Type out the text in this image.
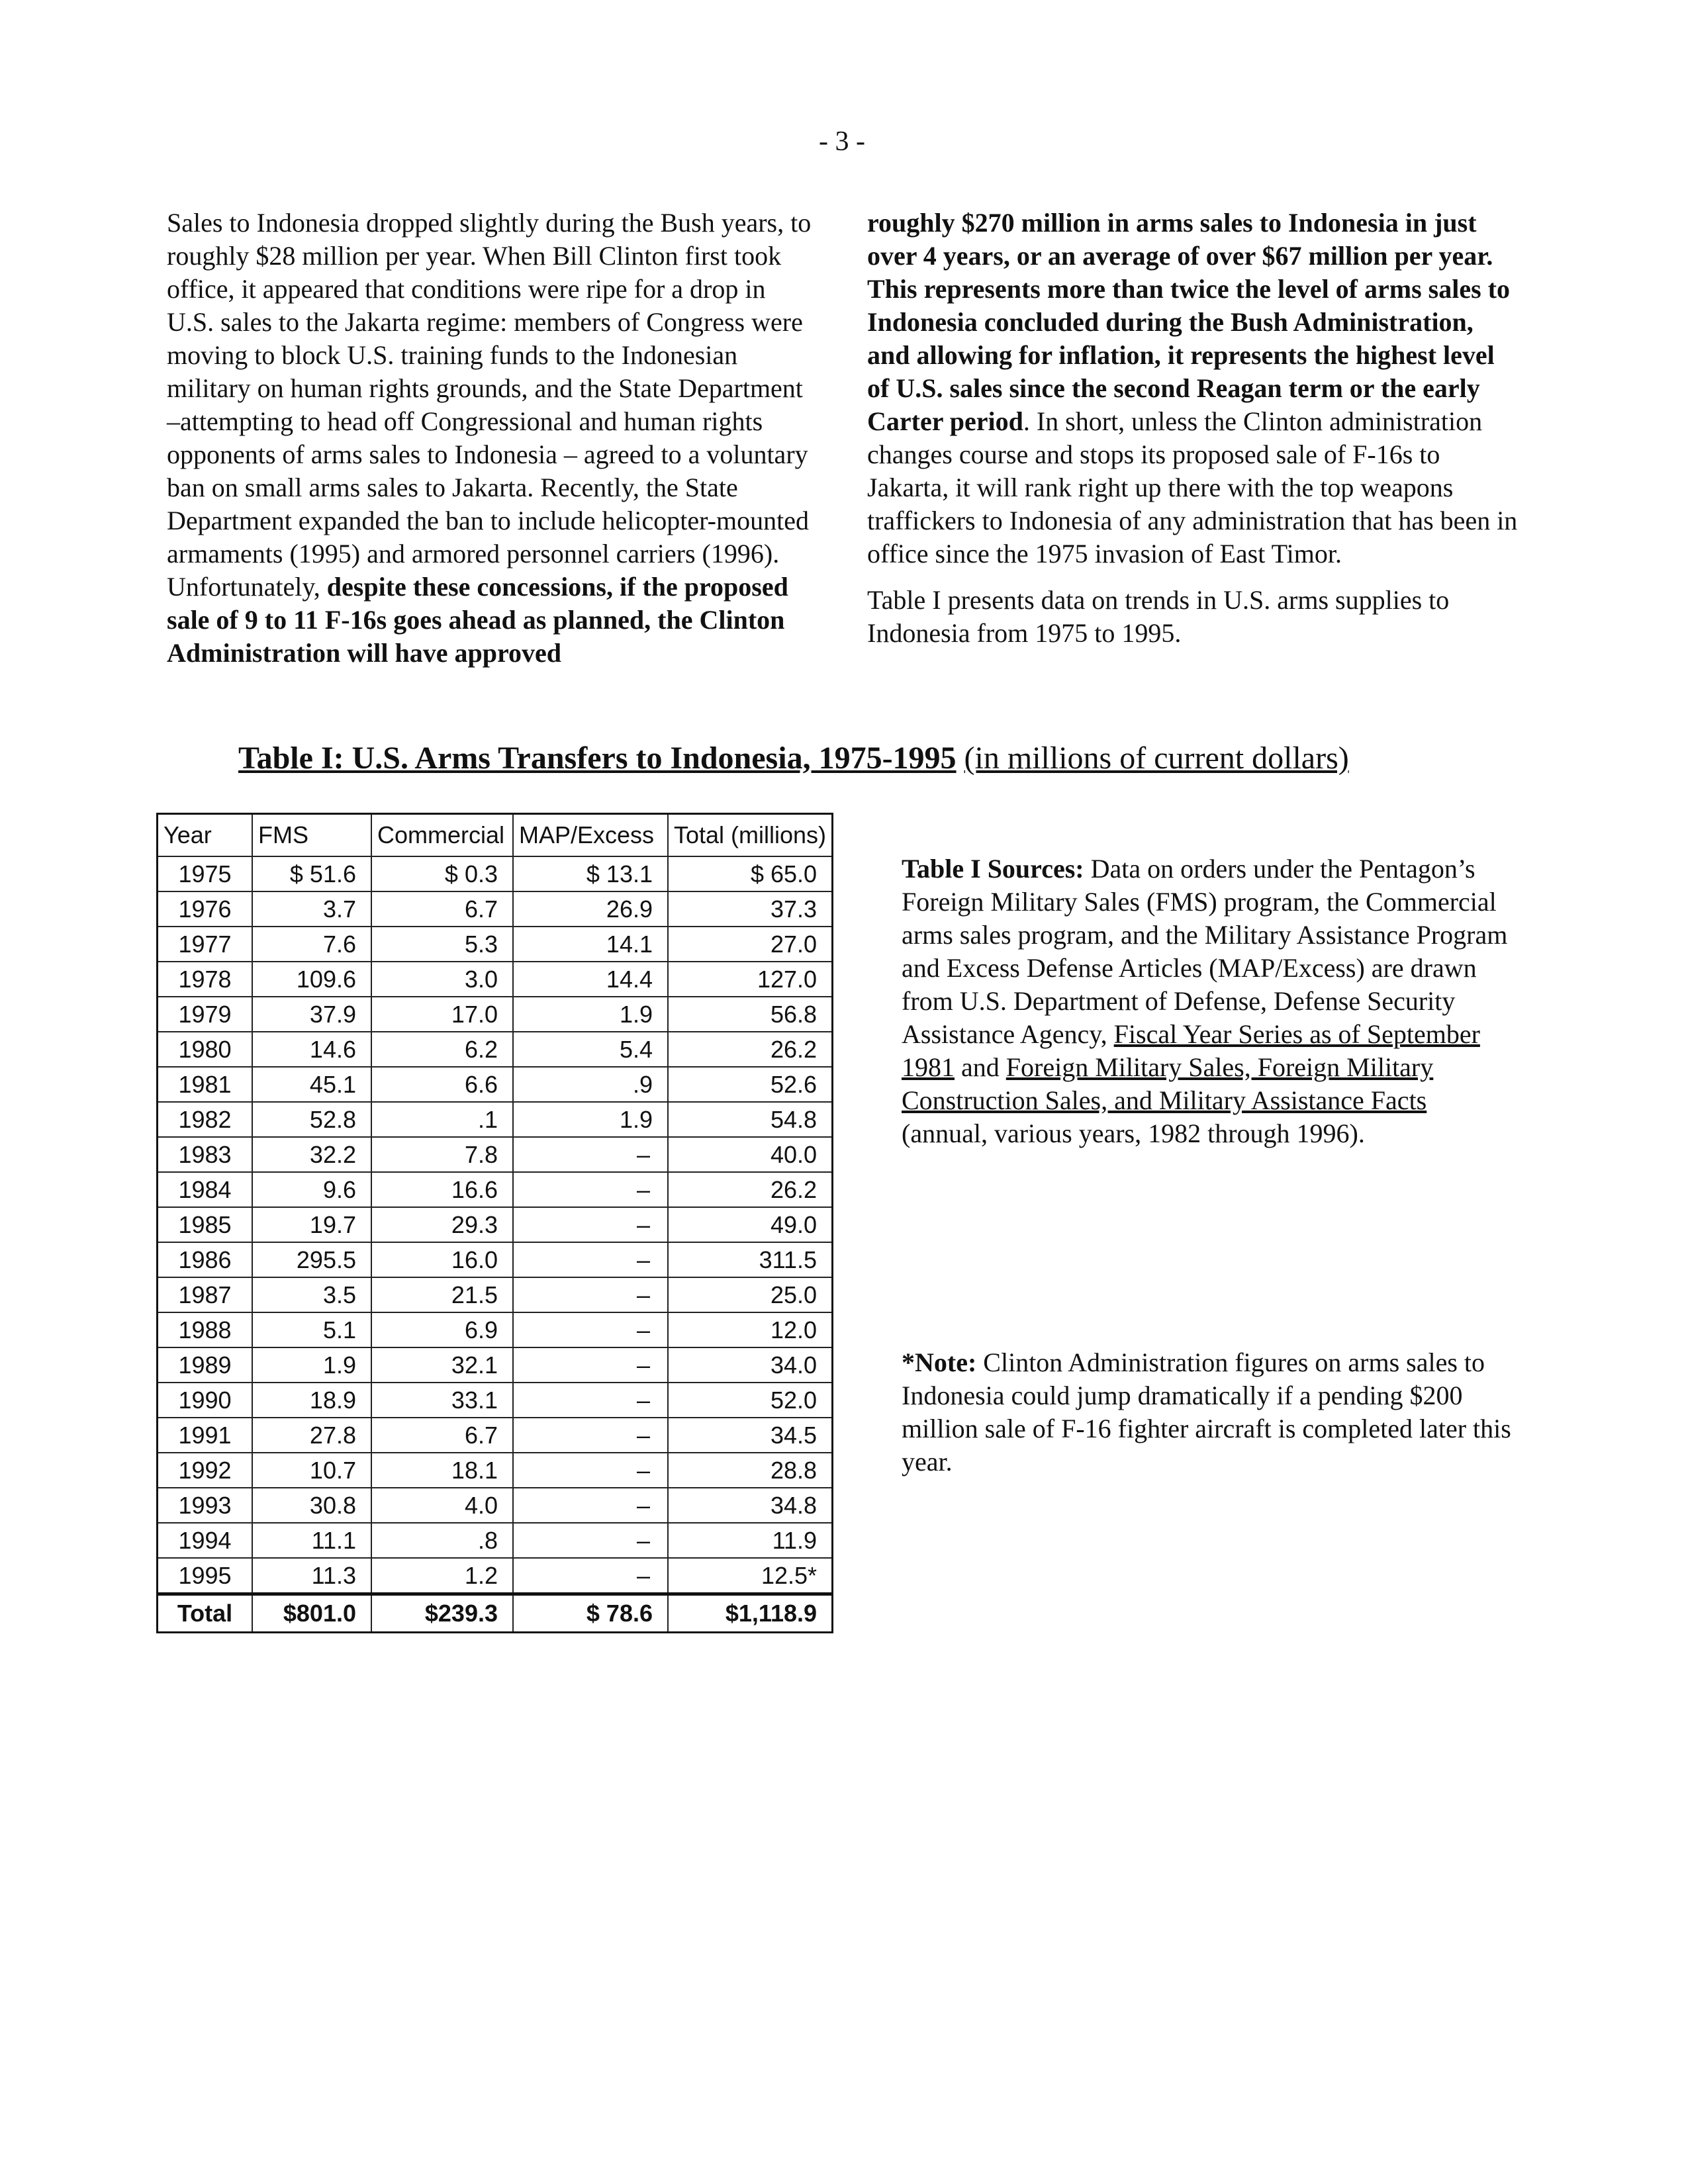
- 3 -

Sales to Indonesia dropped slightly during the Bush years, to roughly $28 million per year. When Bill Clinton first took office, it appeared that conditions were ripe for a drop in U.S. sales to the Jakarta regime: members of Congress were moving to block U.S. training funds to the Indonesian military on human rights grounds, and the State Department –attempting to head off Congressional and human rights opponents of arms sales to Indonesia – agreed to a voluntary ban on small arms sales to Jakarta. Recently, the State Department expanded the ban to include helicopter-mounted armaments (1995) and armored personnel carriers (1996). Unfortunately, despite these concessions, if the proposed sale of 9 to 11 F-16s goes ahead as planned, the Clinton Administration will have approved

roughly $270 million in arms sales to Indonesia in just over 4 years, or an average of over $67 million per year. This represents more than twice the level of arms sales to Indonesia concluded during the Bush Administration, and allowing for inflation, it represents the highest level of U.S. sales since the second Reagan term or the early Carter period. In short, unless the Clinton administration changes course and stops its proposed sale of F-16s to Jakarta, it will rank right up there with the top weapons traffickers to Indonesia of any administration that has been in office since the 1975 invasion of East Timor.

Table I presents data on trends in U.S. arms supplies to Indonesia from 1975 to 1995.

Table I: U.S. Arms Transfers to Indonesia, 1975-1995 (in millions of current dollars)
Year	FMS	Commercial	MAP/Excess	Total (millions)
1975	$ 51.6	$ 0.3	$ 13.1	$ 65.0
1976	3.7	6.7	26.9	37.3
1977	7.6	5.3	14.1	27.0
1978	109.6	3.0	14.4	127.0
1979	37.9	17.0	1.9	56.8
1980	14.6	6.2	5.4	26.2
1981	45.1	6.6	.9	52.6
1982	52.8	.1	1.9	54.8
1983	32.2	7.8	–	40.0
1984	9.6	16.6	–	26.2
1985	19.7	29.3	–	49.0
1986	295.5	16.0	–	311.5
1987	3.5	21.5	–	25.0
1988	5.1	6.9	–	12.0
1989	1.9	32.1	–	34.0
1990	18.9	33.1	–	52.0
1991	27.8	6.7	–	34.5
1992	10.7	18.1	–	28.8
1993	30.8	4.0	–	34.8
1994	11.1	.8	–	11.9
1995	11.3	1.2	–	12.5*
Total	$801.0	$239.3	$ 78.6	$1,118.9
Table I Sources: Data on orders under the Pentagon’s Foreign Military Sales (FMS) program, the Commercial arms sales program, and the Military Assistance Program and Excess Defense Articles (MAP/Excess) are drawn from U.S. Department of Defense, Defense Security Assistance Agency, Fiscal Year Series as of September 1981 and Foreign Military Sales, Foreign Military Construction Sales, and Military Assistance Facts (annual, various years, 1982 through 1996).
*Note: Clinton Administration figures on arms sales to Indonesia could jump dramatically if a pending $200 million sale of F-16 fighter aircraft is completed later this year.
